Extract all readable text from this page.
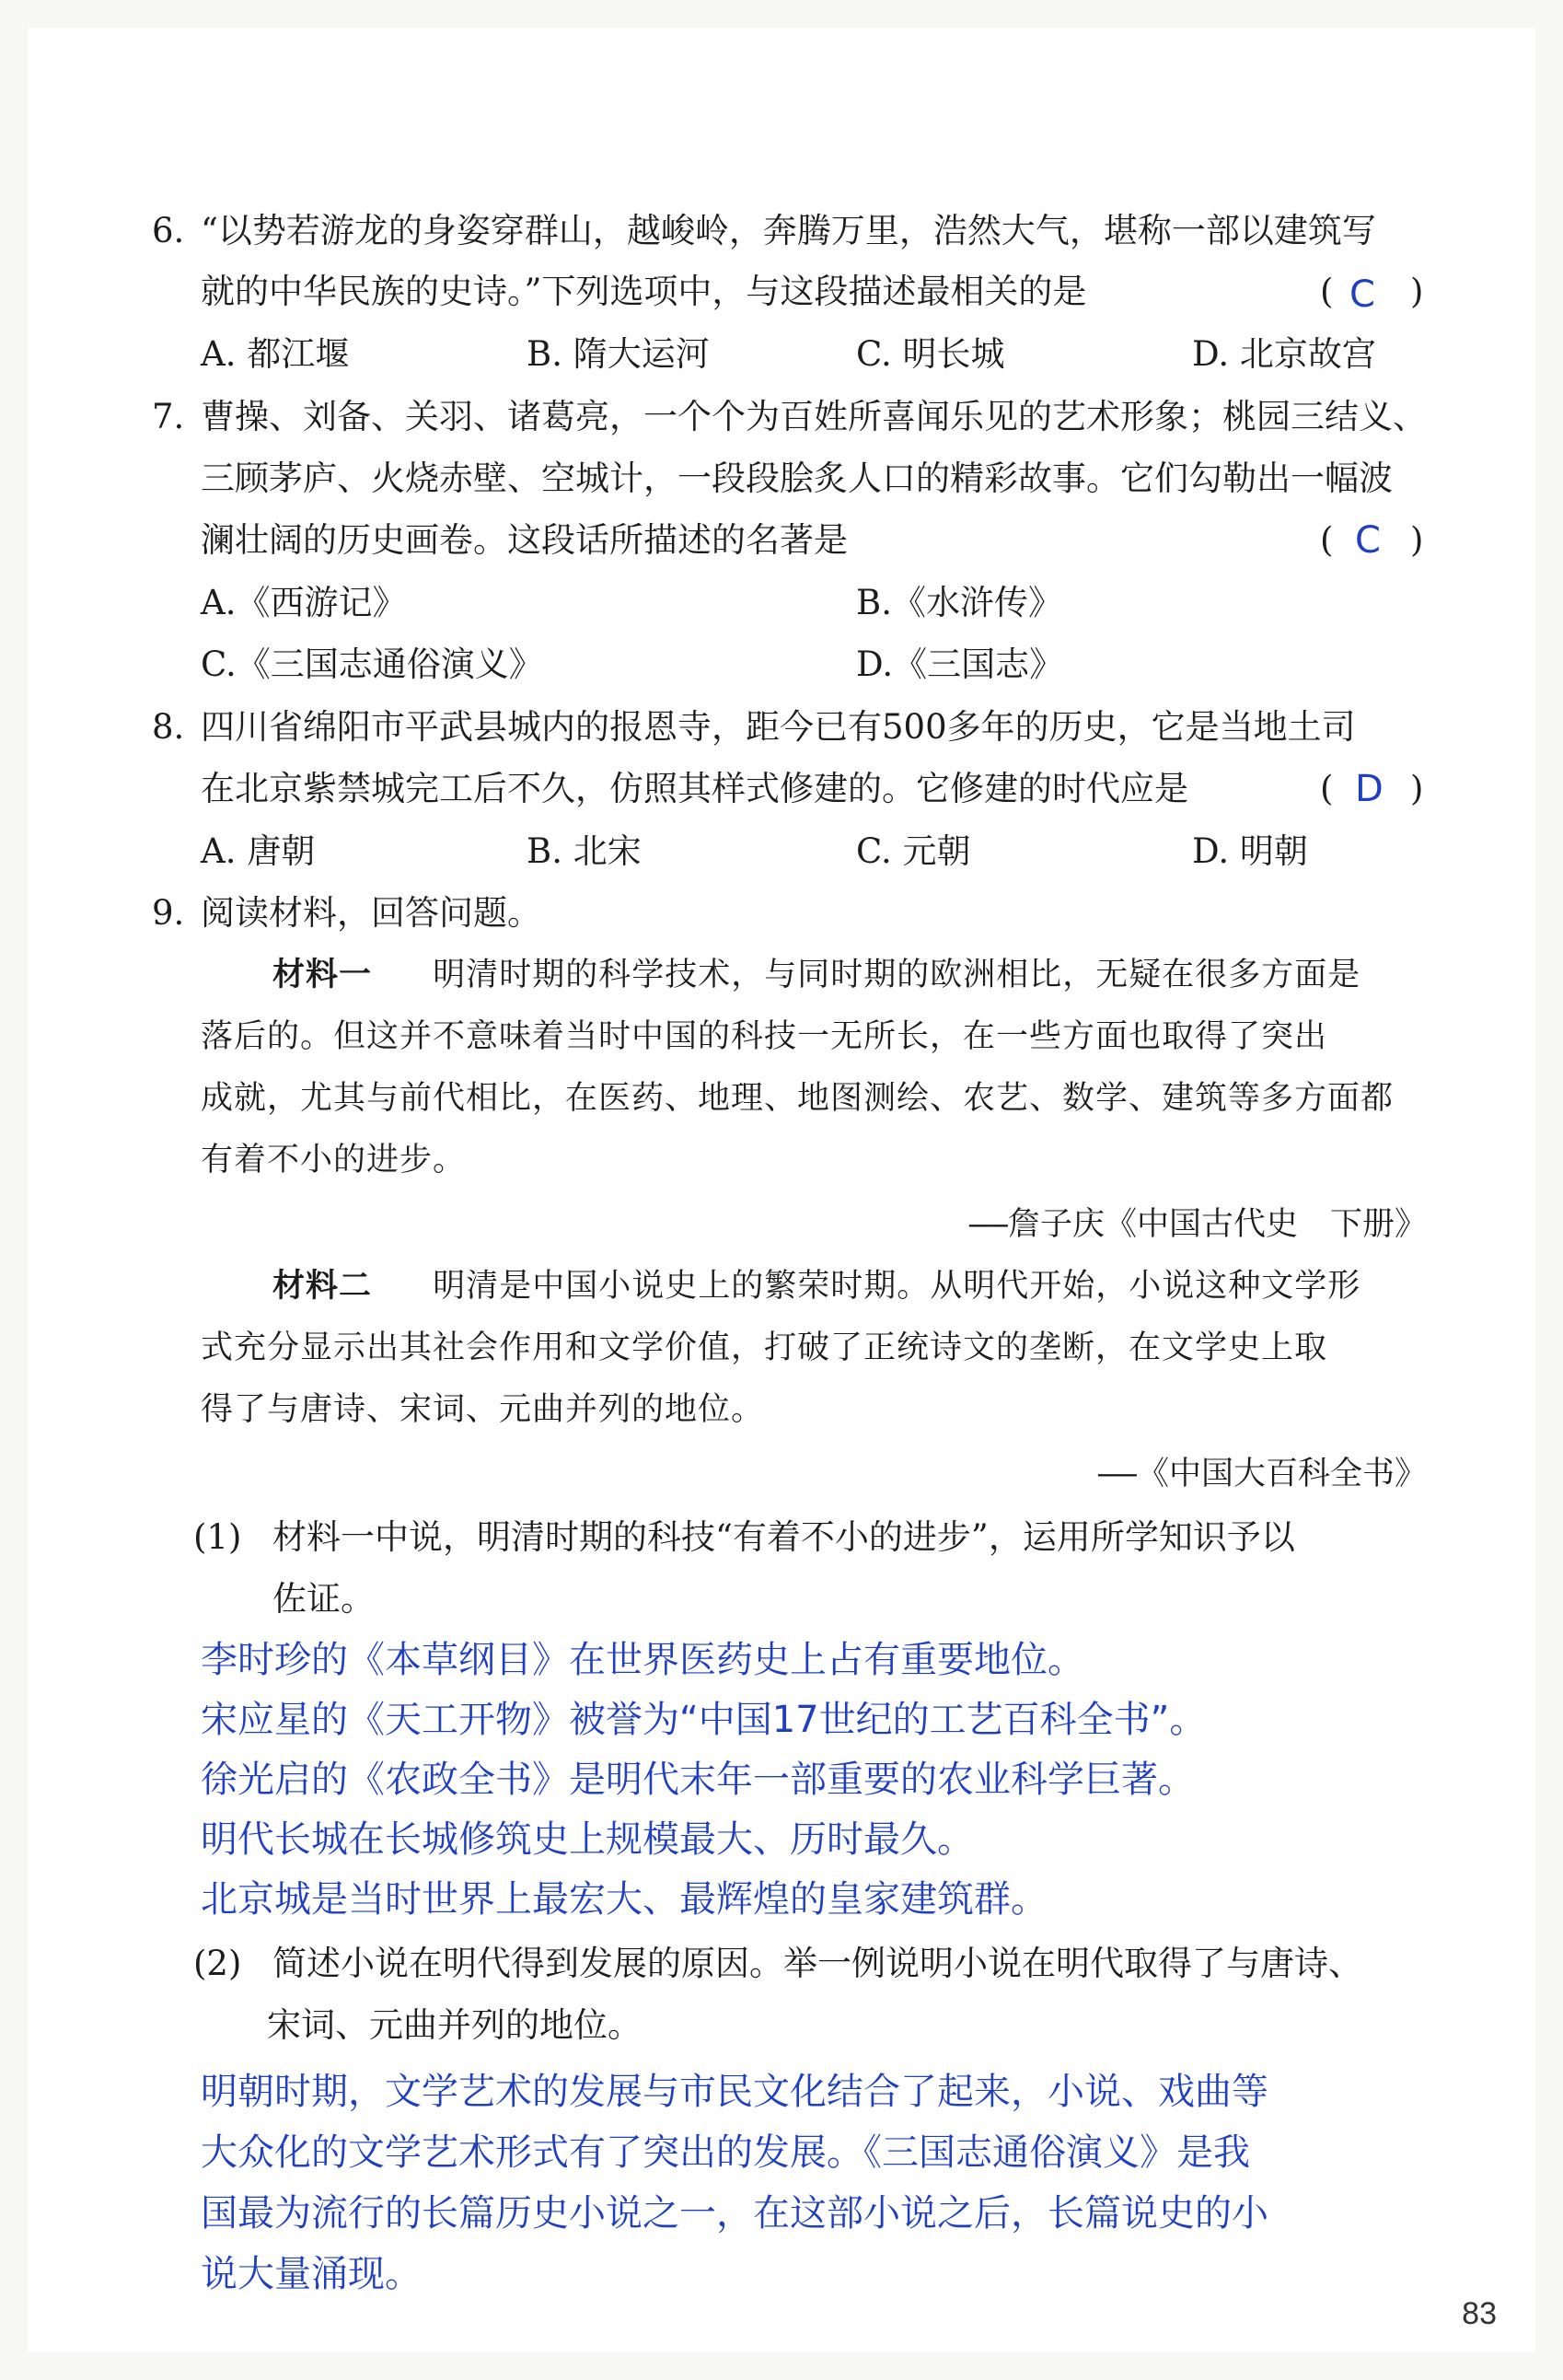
6. “以势若游龙的身姿穿群山，越峻岭，奔腾万里，浩然大气，堪称一部以建筑写
就的中华民族的史诗。”下列选项中，与这段描述最相关的是	( C )
A. 都江堰	B. 隋大运河	C. 明长城	D. 北京故宫
7. 曹操、刘备、关羽、诸葛亮，一个个为百姓所喜闻乐见的艺术形象；桃园三结义、
三顾茅庐、火烧赤壁、空城计，一段段脍炙人口的精彩故事。它们勾勒出一幅波
澜壮阔的历史画卷。这段话所描述的名著是	( C )
A.《西游记》	B.《水浒传》
C.《三国志通俗演义》	D.《三国志》
8. 四川省绵阳市平武县城内的报恩寺，距今已有500多年的历史，它是当地土司
在北京紫禁城完工后不久，仿照其样式修建的。它修建的时代应是	( D )
A. 唐朝	B. 北宋	C. 元朝	D. 明朝
9. 阅读材料，回答问题。
材料一 明清时期的科学技术，与同时期的欧洲相比，无疑在很多方面是
落后的。但这并不意味着当时中国的科技一无所长，在一些方面也取得了突出
成就，尤其与前代相比，在医药、地理、地图测绘、农艺、数学、建筑等多方面都
有着不小的进步。
——詹子庆《中国古代史　下册》
材料二 明清是中国小说史上的繁荣时期。从明代开始，小说这种文学形
式充分显示出其社会作用和文学价值，打破了正统诗文的垄断，在文学史上取
得了与唐诗、宋词、元曲并列的地位。
——《中国大百科全书》
(1) 材料一中说，明清时期的科技“有着不小的进步”，运用所学知识予以
佐证。
李时珍的《本草纲目》在世界医药史上占有重要地位。
宋应星的《天工开物》被誉为“中国17世纪的工艺百科全书”。
徐光启的《农政全书》是明代末年一部重要的农业科学巨著。
明代长城在长城修筑史上规模最大、历时最久。
北京城是当时世界上最宏大、最辉煌的皇家建筑群。
(2) 简述小说在明代得到发展的原因。举一例说明小说在明代取得了与唐诗、
宋词、元曲并列的地位。
明朝时期，文学艺术的发展与市民文化结合了起来，小说、戏曲等
大众化的文学艺术形式有了突出的发展。《三国志通俗演义》是我
国最为流行的长篇历史小说之一，在这部小说之后，长篇说史的小
说大量涌现。
83
